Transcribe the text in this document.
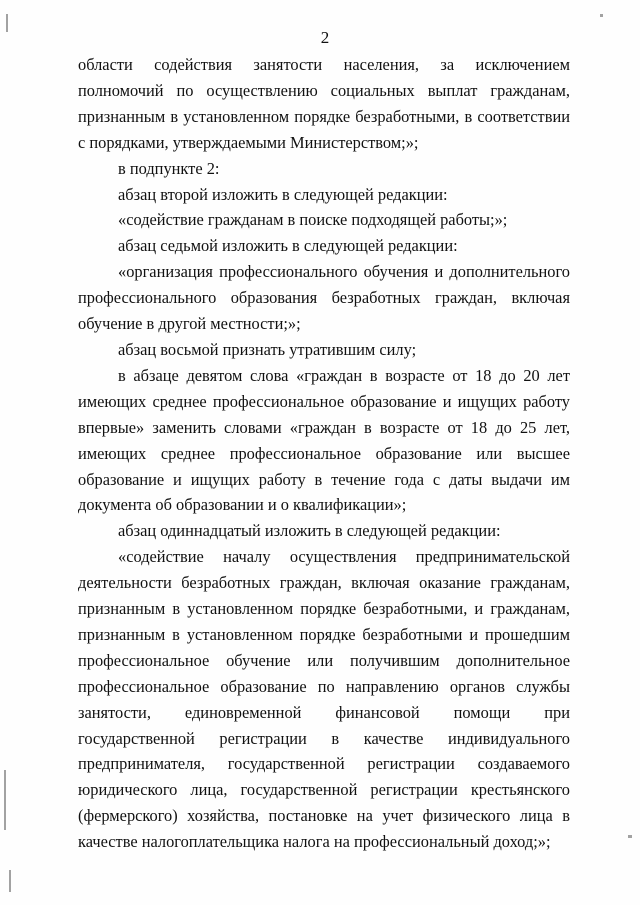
2

области содействия занятости населения, за исключением полномочий по осуществлению социальных выплат гражданам, признанным в установленном порядке безработными, в соответствии с порядками, утверждаемыми Министерством;»;

в подпункте 2:

абзац второй изложить в следующей редакции:

«содействие гражданам в поиске подходящей работы;»;

абзац седьмой изложить в следующей редакции:

«организация профессионального обучения и дополнительного профессионального образования безработных граждан, включая обучение в другой местности;»;

абзац восьмой признать утратившим силу;

в абзаце девятом слова «граждан в возрасте от 18 до 20 лет имеющих среднее профессиональное образование и ищущих работу впервые» заменить словами «граждан в возрасте от 18 до 25 лет, имеющих среднее профессиональное образование или высшее образование и ищущих работу в течение года с даты выдачи им документа об образовании и о квалификации»;

абзац одиннадцатый изложить в следующей редакции:

«содействие началу осуществления предпринимательской деятельности безработных граждан, включая оказание гражданам, признанным в установленном порядке безработными, и гражданам, признанным в установленном порядке безработными и прошедшим профессиональное обучение или получившим дополнительное профессиональное образование по направлению органов службы занятости, единовременной финансовой помощи при государственной регистрации в качестве индивидуального предпринимателя, государственной регистрации создаваемого юридического лица, государственной регистрации крестьянского (фермерского) хозяйства, постановке на учет физического лица в качестве налогоплательщика налога на профессиональный доход;»;
